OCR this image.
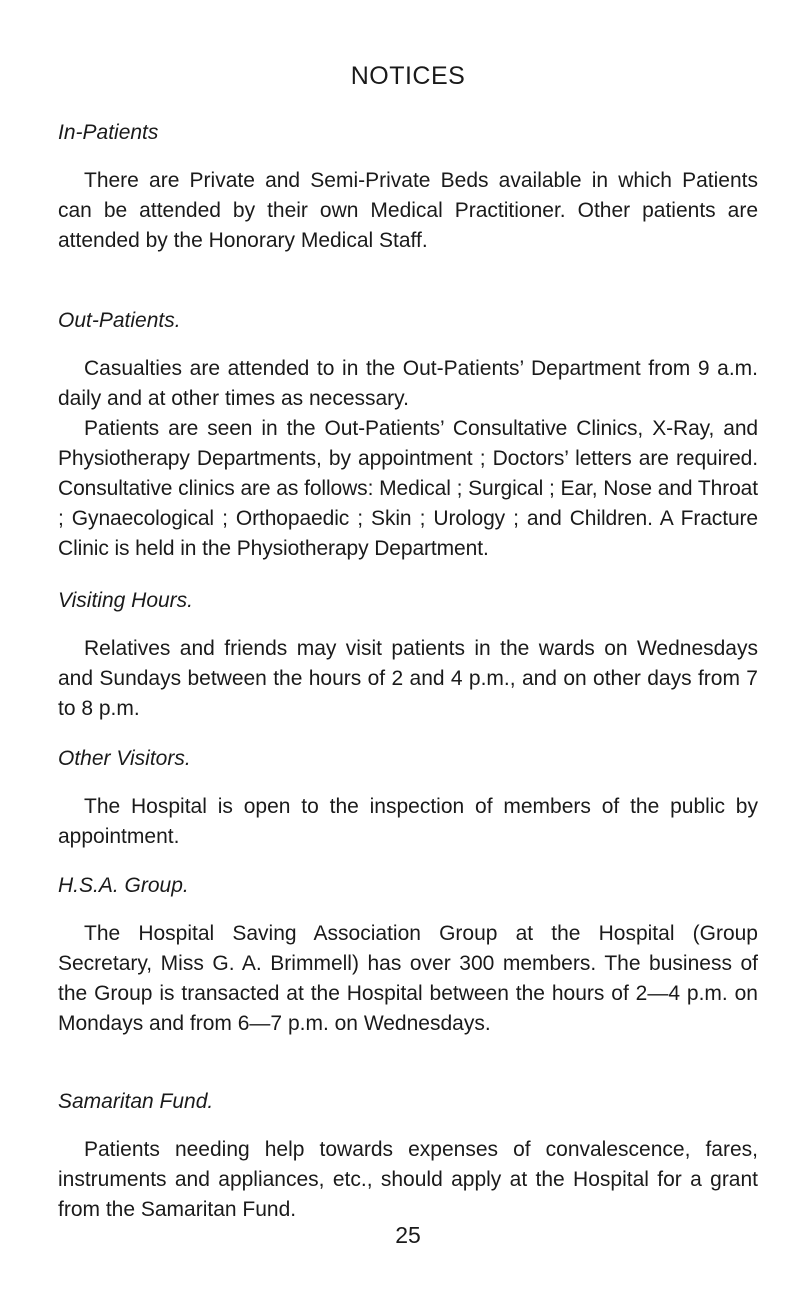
NOTICES
In-Patients

There are Private and Semi-Private Beds available in which Patients can be attended by their own Medical Practitioner. Other patients are attended by the Honorary Medical Staff.

Out-Patients.

Casualties are attended to in the Out-Patients’ Department from 9 a.m. daily and at other times as necessary.

Patients are seen in the Out-Patients’ Consultative Clinics, X-Ray, and Physiotherapy Departments, by appointment ; Doctors’ letters are required. Consultative clinics are as follows: Medical ; Surgical ; Ear, Nose and Throat ; Gynaecological ; Orthopaedic ; Skin ; Urology ; and Children. A Fracture Clinic is held in the Physiotherapy Department.

Visiting Hours.

Relatives and friends may visit patients in the wards on Wednesdays and Sundays between the hours of 2 and 4 p.m., and on other days from 7 to 8 p.m.

Other Visitors.

The Hospital is open to the inspection of members of the public by appointment.

H.S.A. Group.

The Hospital Saving Association Group at the Hospital (Group Secretary, Miss G. A. Brimmell) has over 300 members. The business of the Group is transacted at the Hospital between the hours of 2—4 p.m. on Mondays and from 6—7 p.m. on Wednesdays.

Samaritan Fund.

Patients needing help towards expenses of convalescence, fares, instruments and appliances, etc., should apply at the Hospital for a grant from the Samaritan Fund.

25
